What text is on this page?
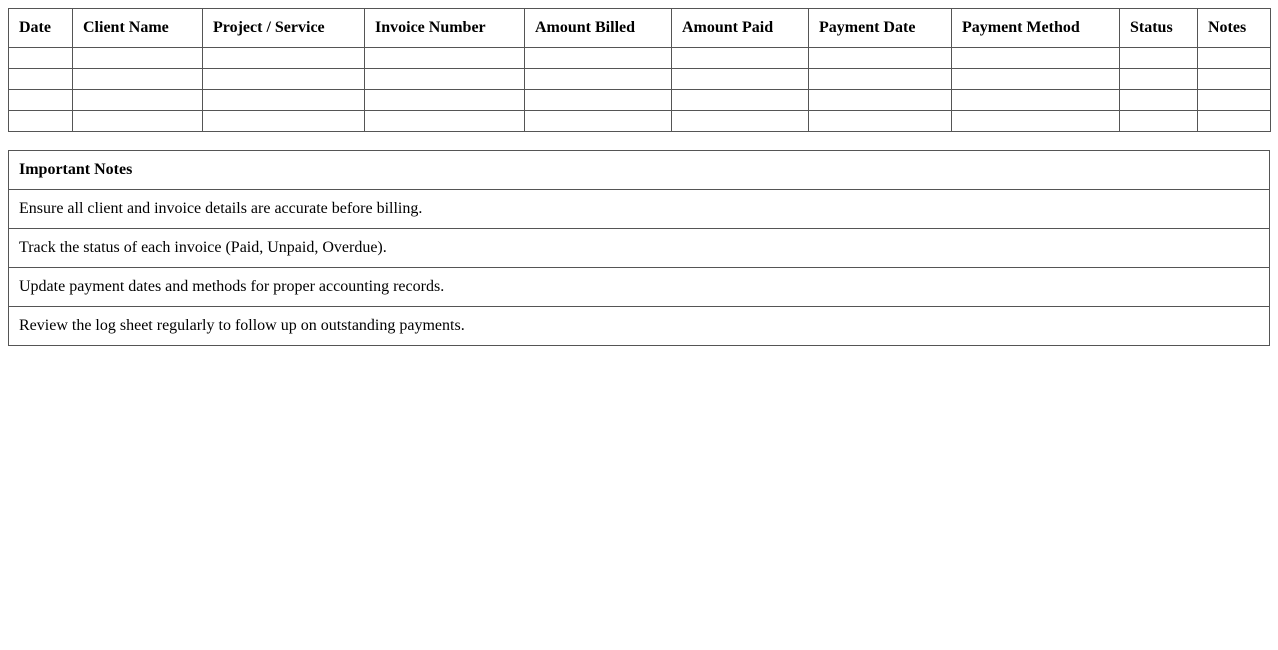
Date	Client Name	Project / Service	Invoice Number	Amount Billed	Amount Paid	Payment Date	Payment Method	Status	Notes

Important Notes
Ensure all client and invoice details are accurate before billing.
Track the status of each invoice (Paid, Unpaid, Overdue).
Update payment dates and methods for proper accounting records.
Review the log sheet regularly to follow up on outstanding payments.
